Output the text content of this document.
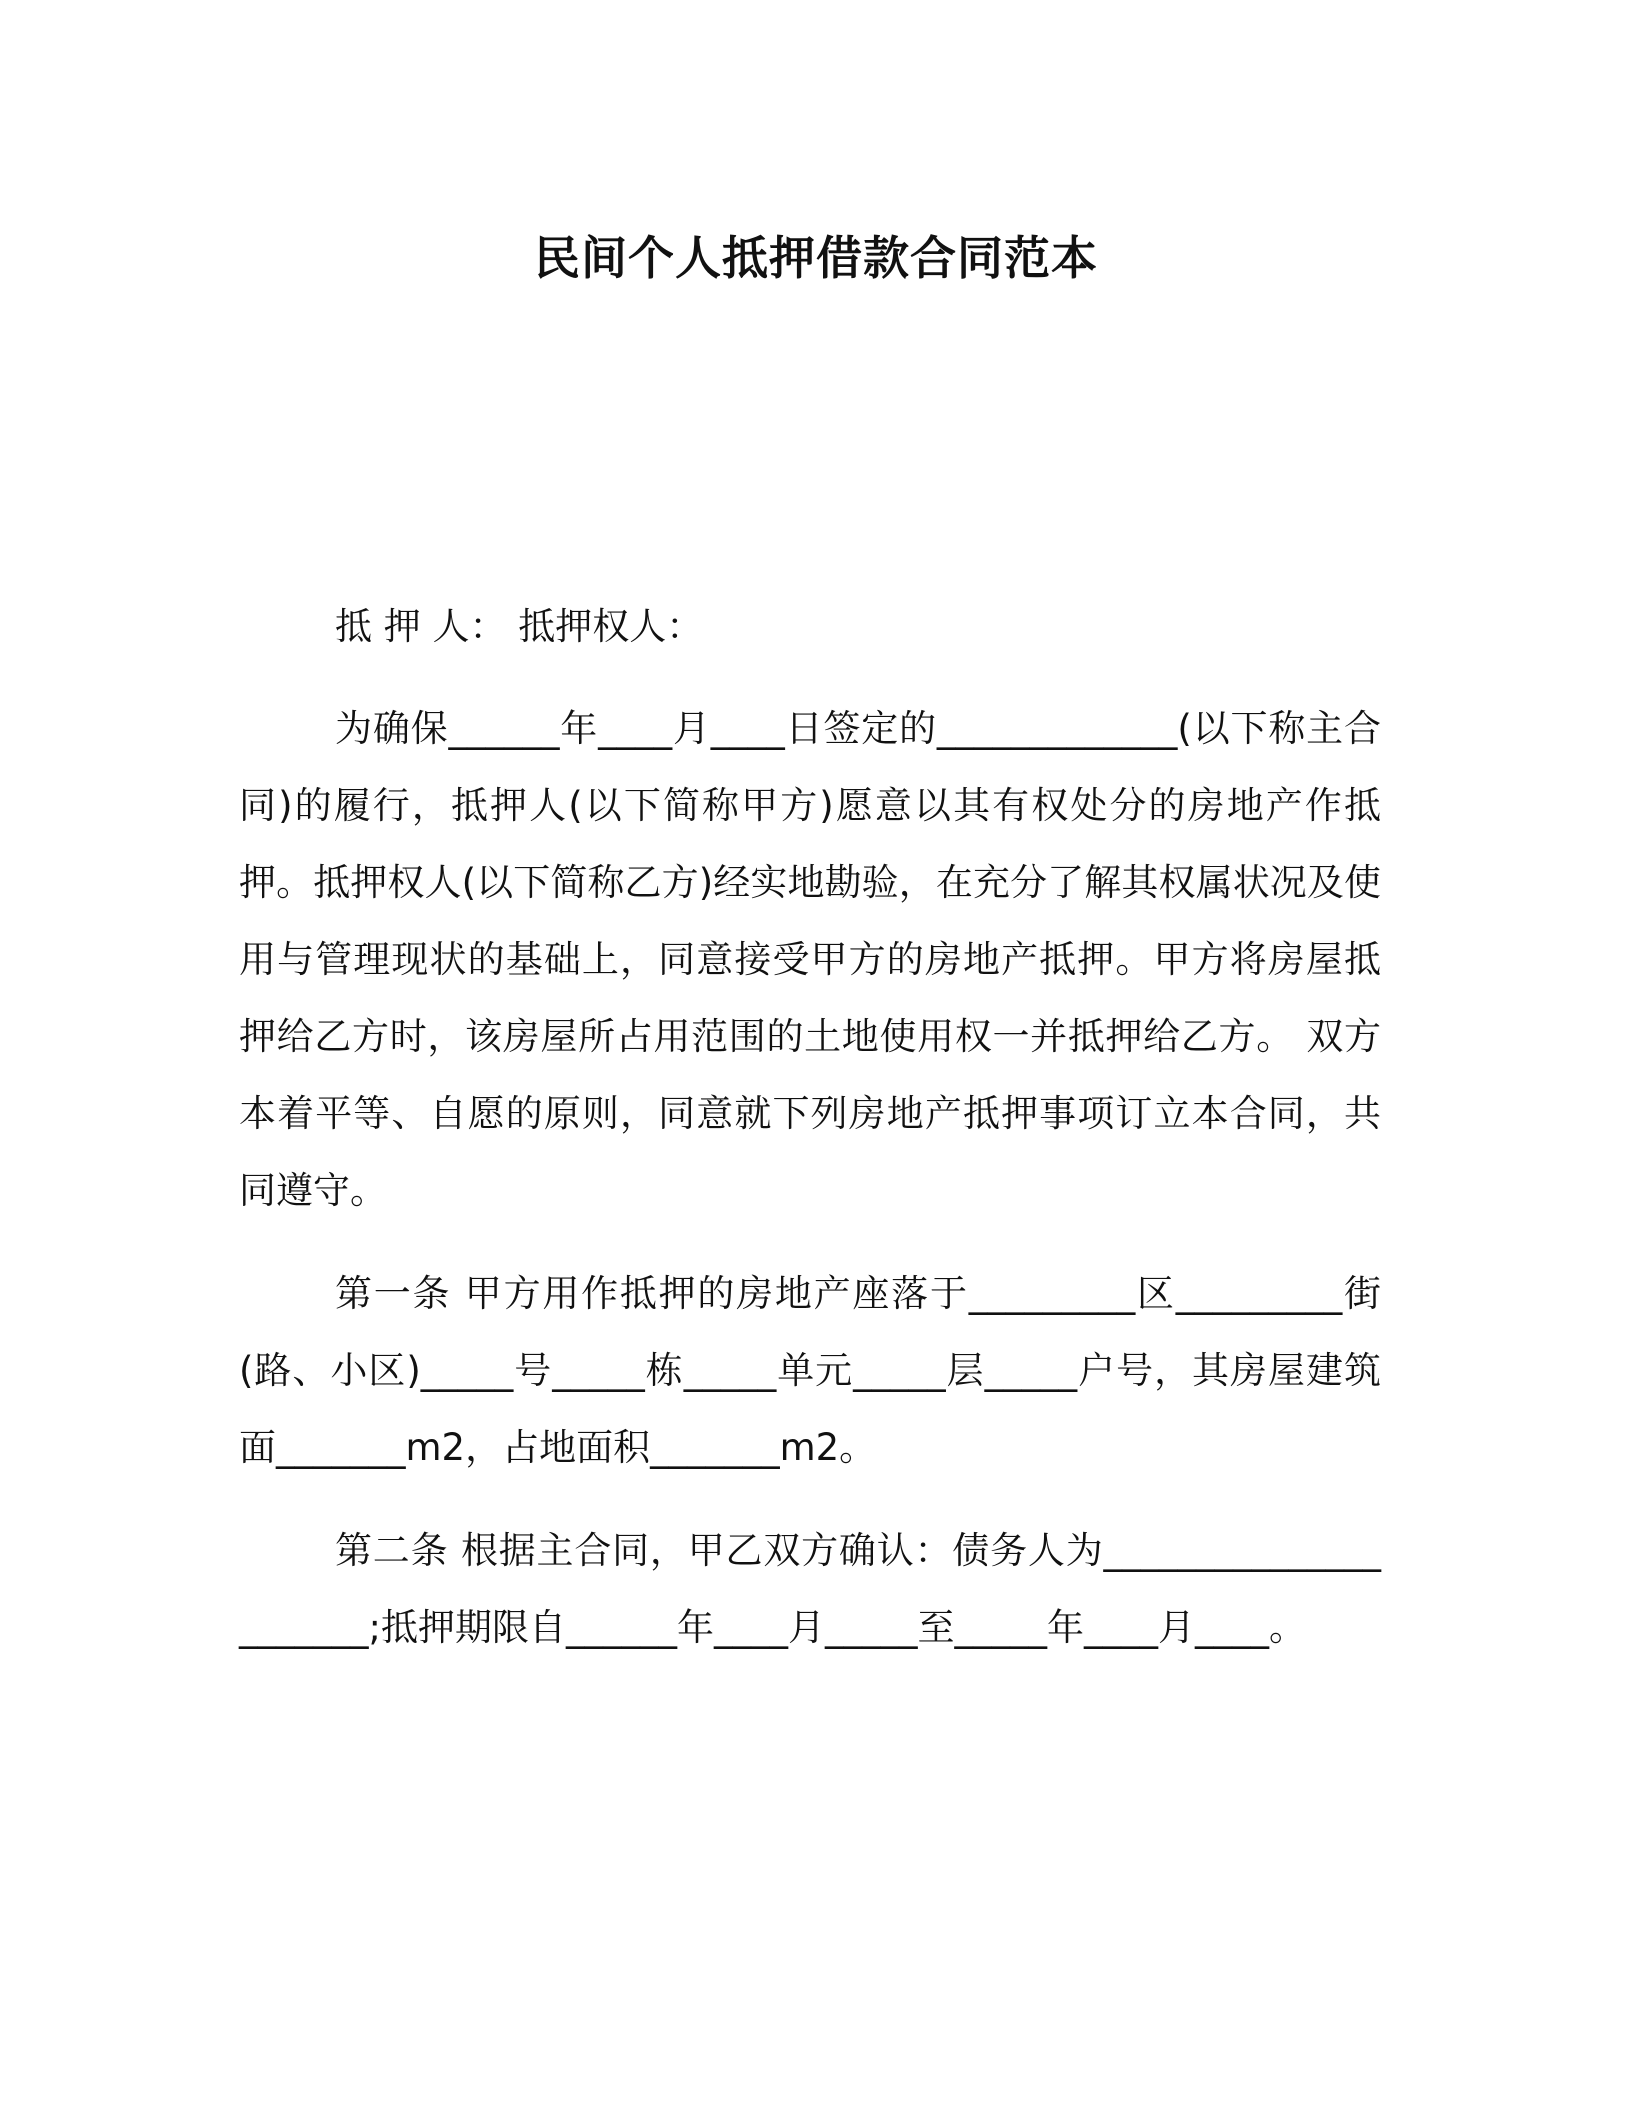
民间个人抵押借款合同范本

抵 押 人： 抵押权人：

为确保______年____月____日签定的_____________(以下称主合同)的履行，抵押人(以下简称甲方)愿意以其有权处分的房地产作抵押。抵押权人(以下简称乙方)经实地勘验，在充分了解其权属状况及使用与管理现状的基础上，同意接受甲方的房地产抵押。甲方将房屋抵押给乙方时，该房屋所占用范围的土地使用权一并抵押给乙方。 双方本着平等、自愿的原则，同意就下列房地产抵押事项订立本合同，共同遵守。

第一条 甲方用作抵押的房地产座落于_________区_________街(路、小区)_____号_____栋_____单元_____层_____户号，其房屋建筑面_______m2，占地面积_______m2。

第二条 根据主合同，甲乙双方确认：债务人为______________________;抵押期限自______年____月_____至_____年____月____。
